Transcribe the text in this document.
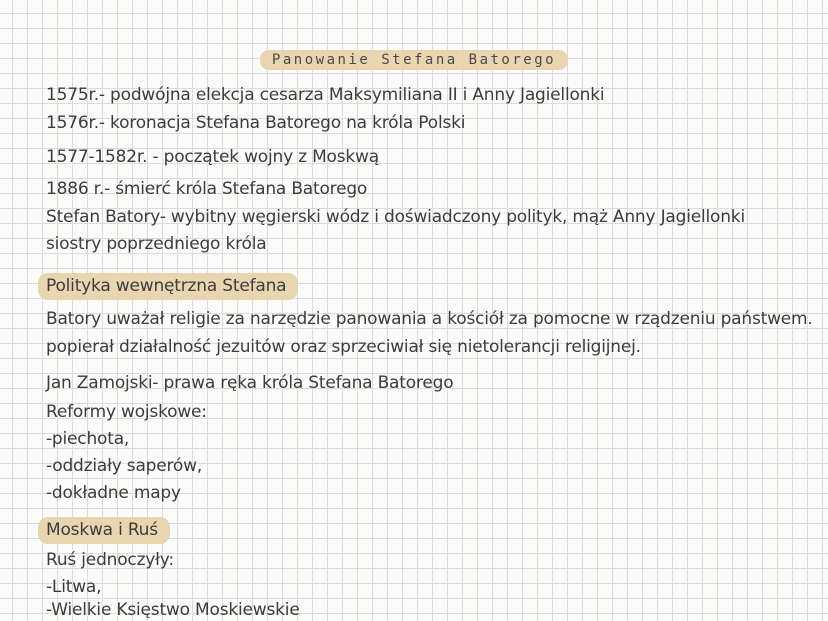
Panowanie Stefana Batorego
1575r.- podwójna elekcja cesarza Maksymiliana II i Anny Jagiellonki
1576r.- koronacja Stefana Batorego na króla Polski
1577-1582r. - początek wojny z Moskwą
1886 r.- śmierć króla Stefana Batorego
Stefan Batory- wybitny węgierski wódz i doświadczony polityk, mąż Anny Jagiellonki
siostry poprzedniego króla
Polityka wewnętrzna Stefana
Batory uważał religie za narzędzie panowania a kościół za pomocne w rządzeniu państwem.
popierał działalność jezuitów oraz sprzeciwiał się nietolerancji religijnej.
Jan Zamojski- prawa ręka króla Stefana Batorego
Reformy wojskowe:
-piechota,
-oddziały saperów,
-dokładne mapy
Moskwa i Ruś
Ruś jednoczyły:
-Litwa,
-Wielkie Księstwo Moskiewskie
